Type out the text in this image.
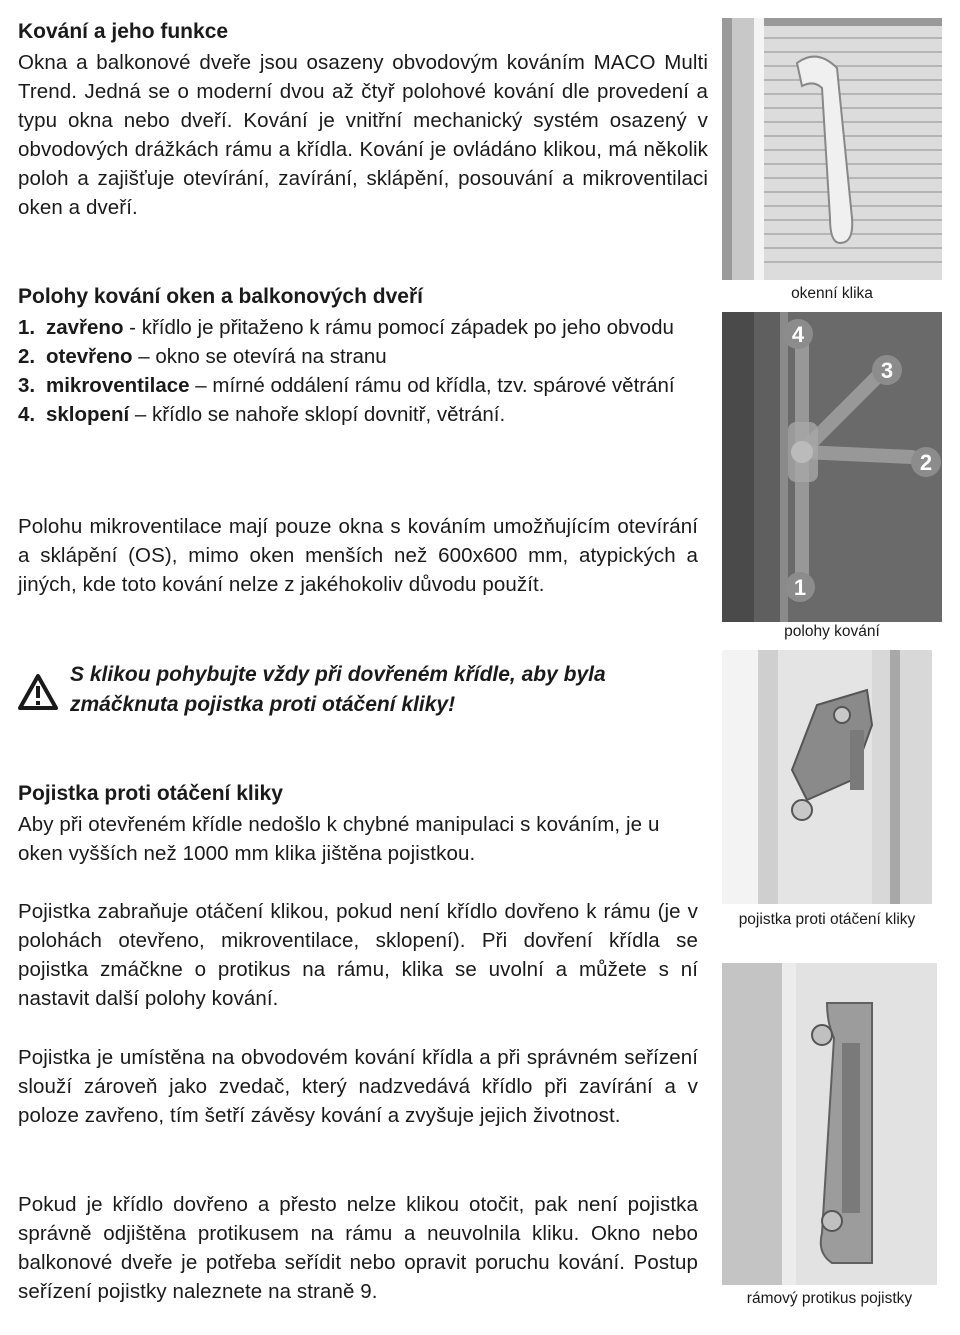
Kování a jeho funkce

Okna a balkonové dveře jsou osazeny obvodovým kováním MACO Multi Trend. Jedná se o moderní dvou až čtyř polohové kování dle provedení a typu okna nebo dveří. Kování je vnitřní mechanický systém osazený v obvodových drážkách rámu a křídla. Kování je ovládáno klikou, má několik poloh a zajišťuje otevírání, zavírání, sklápění, posouvání a mikroventilaci oken a dveří.

Polohy kování oken a balkonových dveří
1. zavřeno - křídlo je přitaženo k rámu pomocí západek po jeho obvodu
2. otevřeno – okno se otevírá na stranu
3. mikroventilace – mírné oddálení rámu od křídla, tzv. spárové větrání
4. sklopení – křídlo se nahoře sklopí dovnitř, větrání.

Polohu mikroventilace mají pouze okna s kováním umožňujícím otevírání a sklápění (OS), mimo oken menších než 600x600 mm, atypických a jiných, kde toto kování nelze z jakéhokoliv důvodu použít.

S klikou pohybujte vždy při dovřeném křídle, aby byla
zmáčknuta pojistka proti otáčení kliky!
Pojistka proti otáčení kliky

Aby při otevřeném křídle nedošlo k chybné manipulaci s kováním, je u oken vyšších než 1000 mm klika jištěna pojistkou.

Pojistka zabraňuje otáčení klikou, pokud není křídlo dovřeno k rámu (je v polohách otevřeno, mikroventilace, sklopení). Při dovření křídla se pojistka zmáčkne o protikus na rámu, klika se uvolní a můžete s ní nastavit další polohy kování.

Pojistka je umístěna na obvodovém kování křídla a při správném seřízení slouží zároveň jako zvedač, který nadzvedává křídlo při zavírání a v poloze zavřeno, tím šetří závěsy kování a zvyšuje jejich životnost.

Pokud je křídlo dovřeno a přesto nelze klikou otočit, pak není pojistka správně odjištěna protikusem na rámu a neuvolnila kliku. Okno nebo balkonové dveře je potřeba seřídit nebo opravit poruchu kování. Postup seřízení pojistky naleznete na straně 9.

okenní klika
1
2
3
4
polohy kování
pojistka proti otáčení kliky
rámový protikus pojistky
